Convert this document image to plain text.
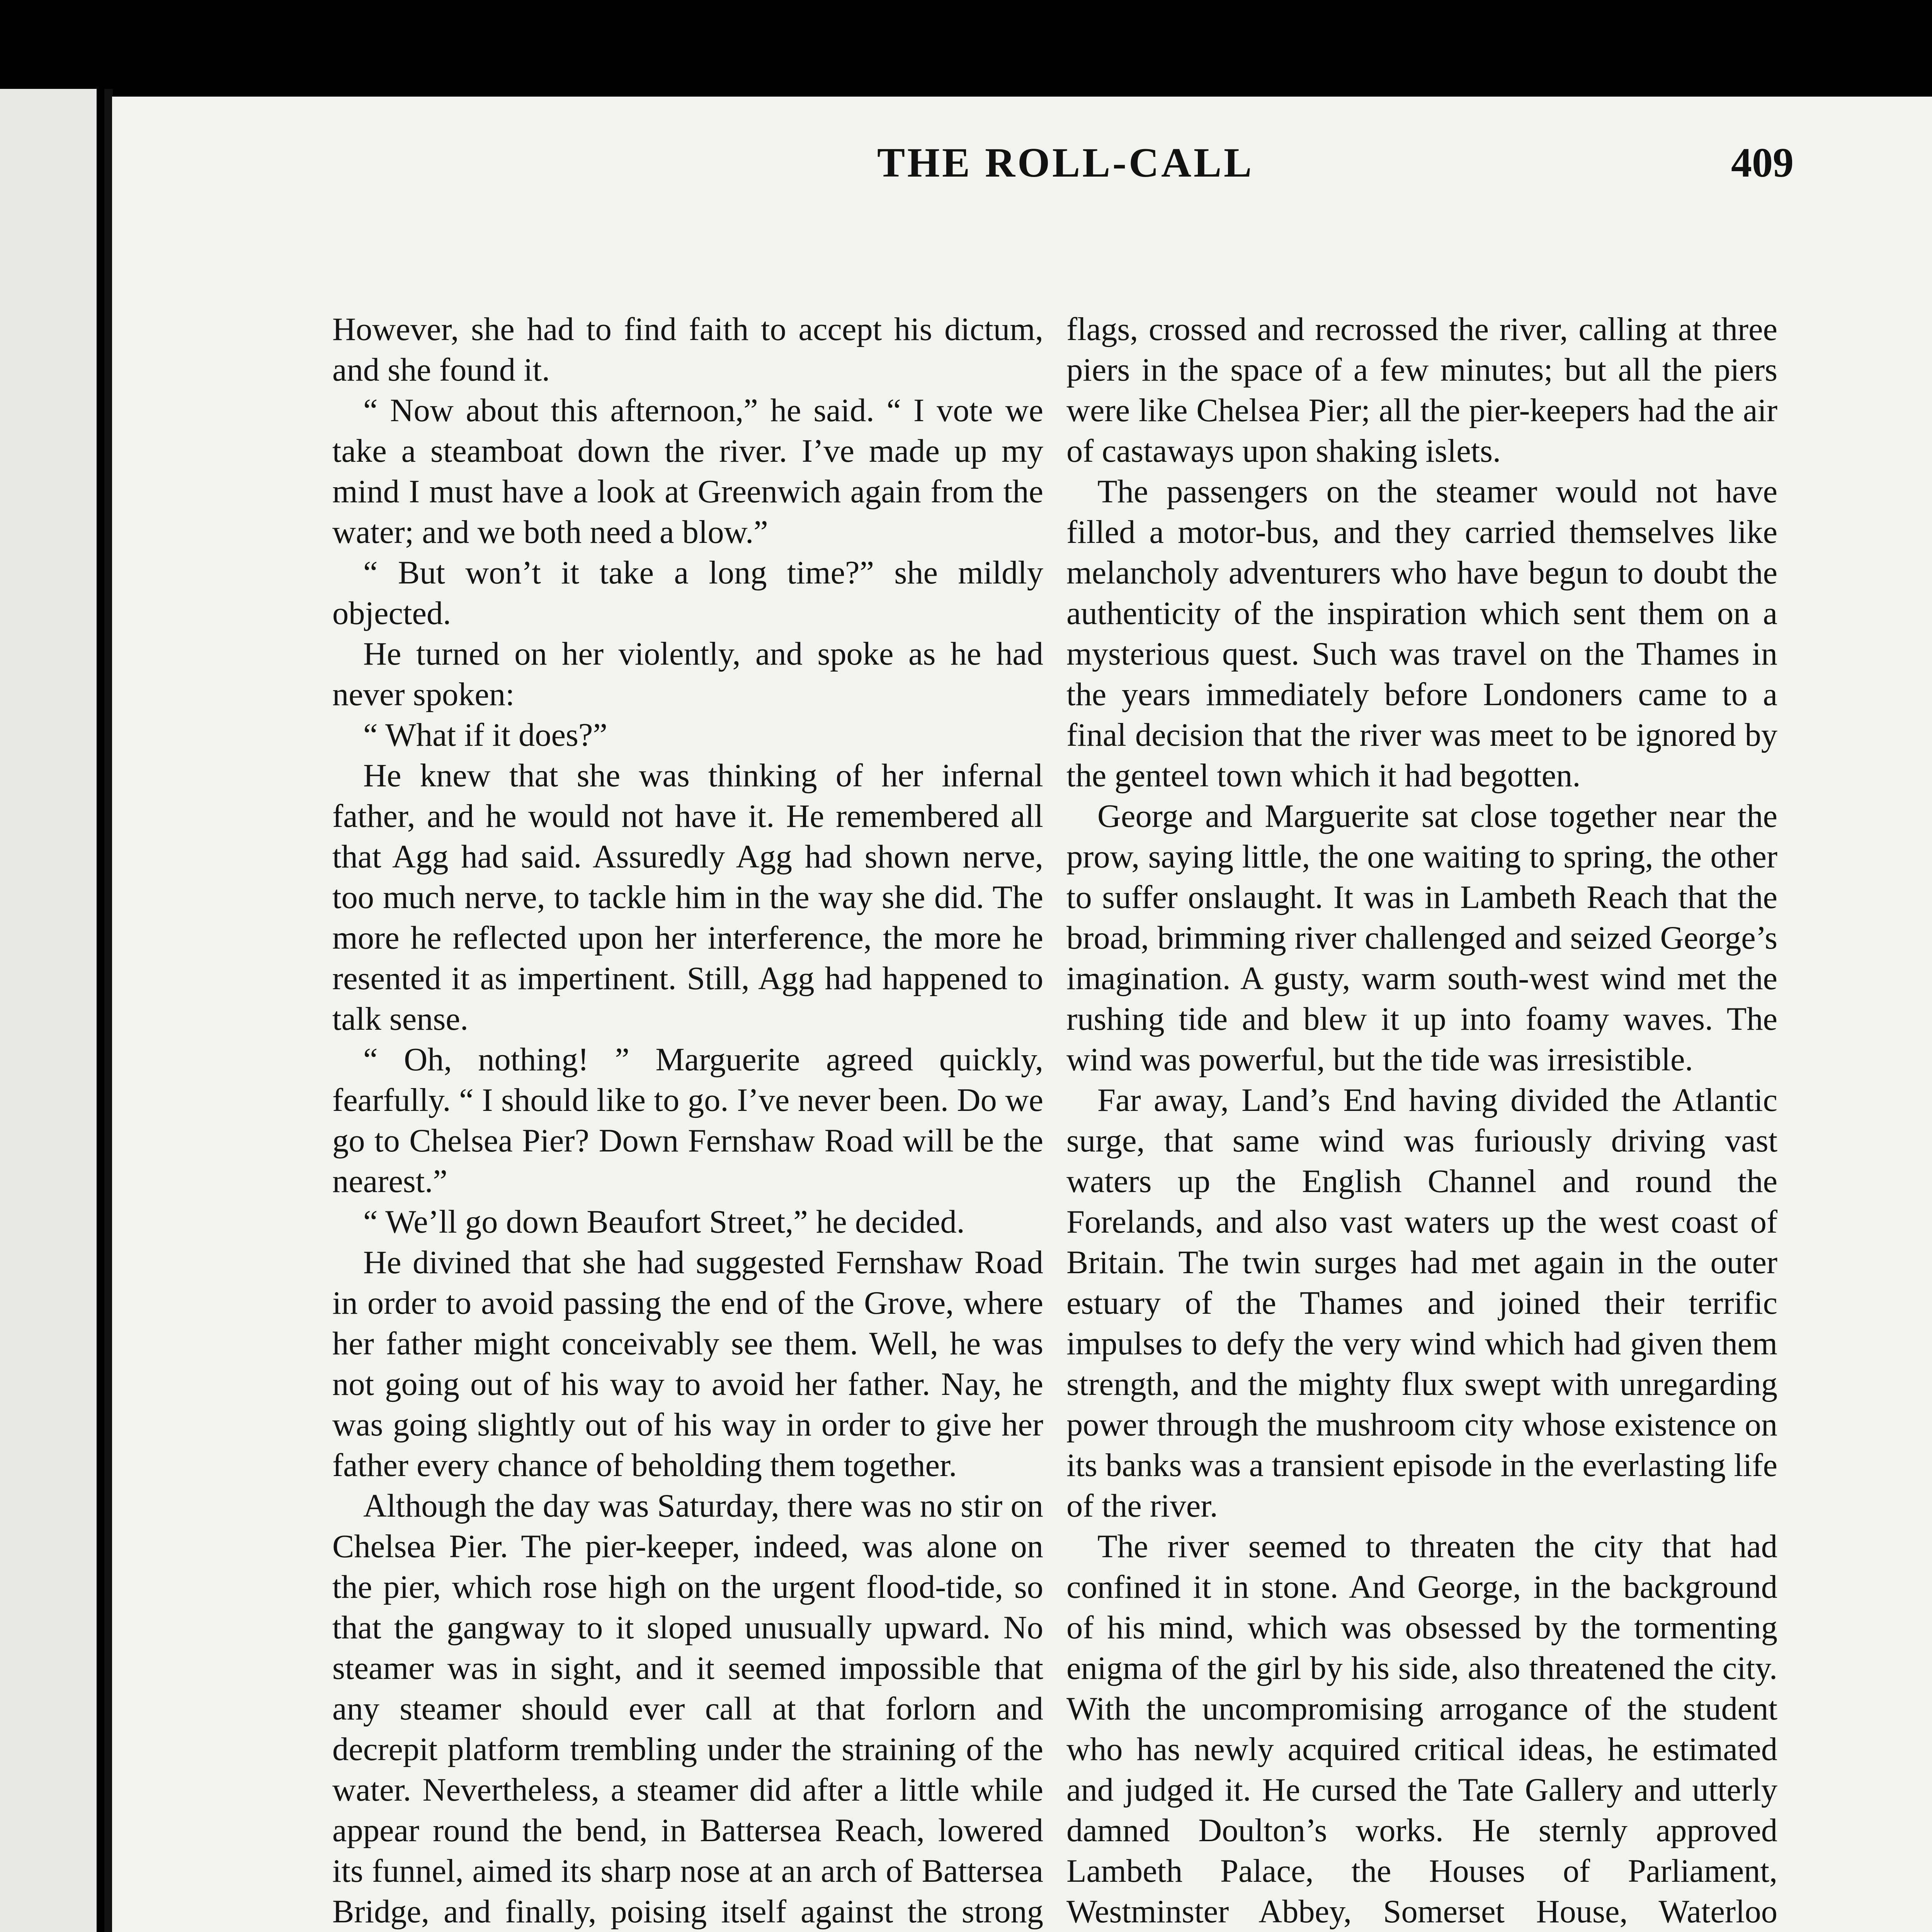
THE ROLL-CALL	409

However, she had to find faith to accept his dictum, and she found it.

“ Now about this afternoon,” he said. “ I vote we take a steamboat down the river. I’ve made up my mind I must have a look at Greenwich again from the water; and we both need a blow.”

“ But won’t it take a long time?” she mildly objected.

He turned on her violently, and spoke as he had never spoken:

“ What if it does?”

He knew that she was thinking of her infernal father, and he would not have it. He remembered all that Agg had said. Assuredly Agg had shown nerve, too much nerve, to tackle him in the way she did. The more he reflected upon her interference, the more he resented it as impertinent. Still, Agg had happened to talk sense.

“ Oh, nothing! ” Marguerite agreed quickly, fearfully. “ I should like to go. I’ve never been. Do we go to Chelsea Pier? Down Fernshaw Road will be the nearest.”

“ We’ll go down Beaufort Street,” he decided.

He divined that she had suggested Fernshaw Road in order to avoid passing the end of the Grove, where her father might conceivably see them. Well, he was not going out of his way to avoid her father. Nay, he was going slightly out of his way in order to give her father every chance of beholding them together.

Although the day was Saturday, there was no stir on Chelsea Pier. The pier-keeper, indeed, was alone on the pier, which rose high on the urgent flood-tide, so that the gangway to it sloped unusually upward. No steamer was in sight, and it seemed impossible that any steamer should ever call at that forlorn and decrepit platform trembling under the straining of the water. Nevertheless, a steamer did after a little while appear round the bend, in Battersea Reach, lowered its funnel, aimed its sharp nose at an arch of Battersea Bridge, and finally, poising itself against the strong

flags, crossed and recrossed the river, calling at three piers in the space of a few minutes; but all the piers were like Chelsea Pier; all the pier-keepers had the air of castaways upon shaking islets.

The passengers on the steamer would not have filled a motor-bus, and they carried themselves like melancholy adventurers who have begun to doubt the authenticity of the inspiration which sent them on a mysterious quest. Such was travel on the Thames in the years immediately before Londoners came to a final decision that the river was meet to be ignored by the genteel town which it had begotten.

George and Marguerite sat close together near the prow, saying little, the one waiting to spring, the other to suffer onslaught. It was in Lambeth Reach that the broad, brimming river challenged and seized George’s imagination. A gusty, warm south-west wind met the rushing tide and blew it up into foamy waves. The wind was powerful, but the tide was irresistible.

Far away, Land’s End having divided the Atlantic surge, that same wind was furiously driving vast waters up the English Channel and round the Forelands, and also vast waters up the west coast of Britain. The twin surges had met again in the outer estuary of the Thames and joined their terrific impulses to defy the very wind which had given them strength, and the mighty flux swept with unregarding power through the mushroom city whose existence on its banks was a transient episode in the everlasting life of the river.

The river seemed to threaten the city that had confined it in stone. And George, in the background of his mind, which was obsessed by the tormenting enigma of the girl by his side, also threatened the city. With the uncompromising arrogance of the student who has newly acquired critical ideas, he estimated and judged it. He cursed the Tate Gallery and utterly damned Doulton’s works. He sternly approved Lambeth Palace, the Houses of Parliament, Westminster Abbey, Somerset House, Waterloo
